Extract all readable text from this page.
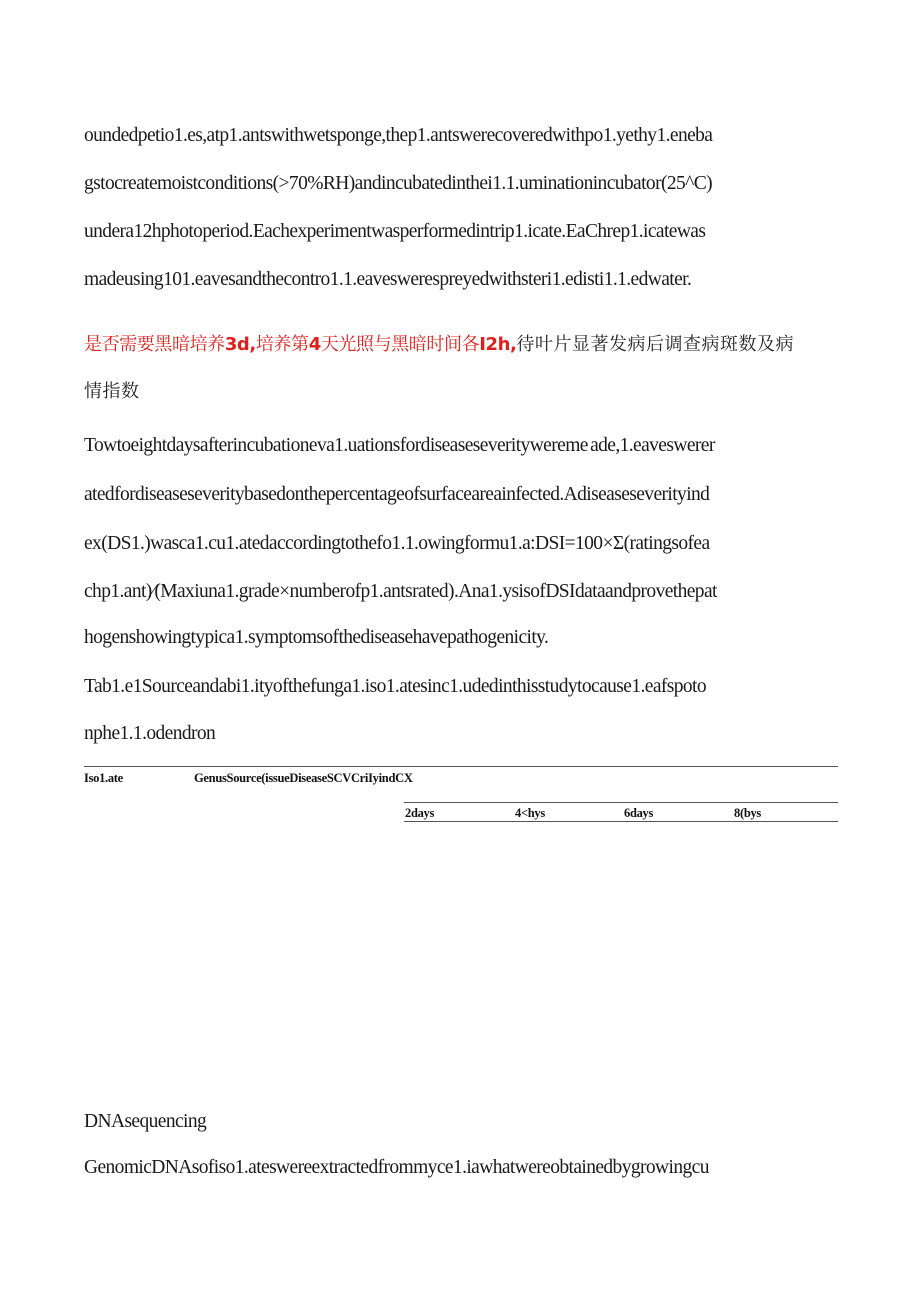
oundedpetio1.es,atp1.antswithwetsponge,thep1.antswerecoveredwithpo1.yethy1.eneba
gstocreatemoistconditions(>70%RH)andincubatedinthei1.1.uminationincubator(25^C)
undera12hphotoperiod.Eachexperimentwasperformedintrip1.icate.EaChrep1.icatewas
madeusing101.eavesandthecontro1.1.eaveswerespreyedwithsteri1.edisti1.1.edwater.
是否需要黑暗培养3d,培养第4天光照与黑暗时间各I2h,待叶片显著发病后调查病斑数及病
情指数
Towtoeightdaysafterincubationeva1.uationsfordiseaseseveritywereme ade,1.eaveswerer
atedfordiseaseseveritybasedonthepercentageofsurfaceareainfected.Adiseaseseverityind
ex(DS1.)wasca1.cu1.atedaccordingtothefo1.1.owingformu1.a:DSI=100×Σ(ratingsofea
chp1.ant)⁄(Maxiuna1.grade×numberofp1.antsrated).Ana1.ysisofDSIdataandprovethepat
hogenshowingtypica1.symptomsofthediseasehavepathogenicity.
Tab1.e1Sourceandabi1.ityofthefunga1.iso1.atesinc1.udedinthisstudytocause1.eafspoto
nphe1.1.odendron
Iso1.ate	GenusSource(issueDiseaseSCVCriIyindCX
2days	4<hys	6days	8(bys
DNAsequencing
GenomicDNAsofiso1.ateswereextractedfrommyce1.iawhatwereobtainedbygrowingcu
